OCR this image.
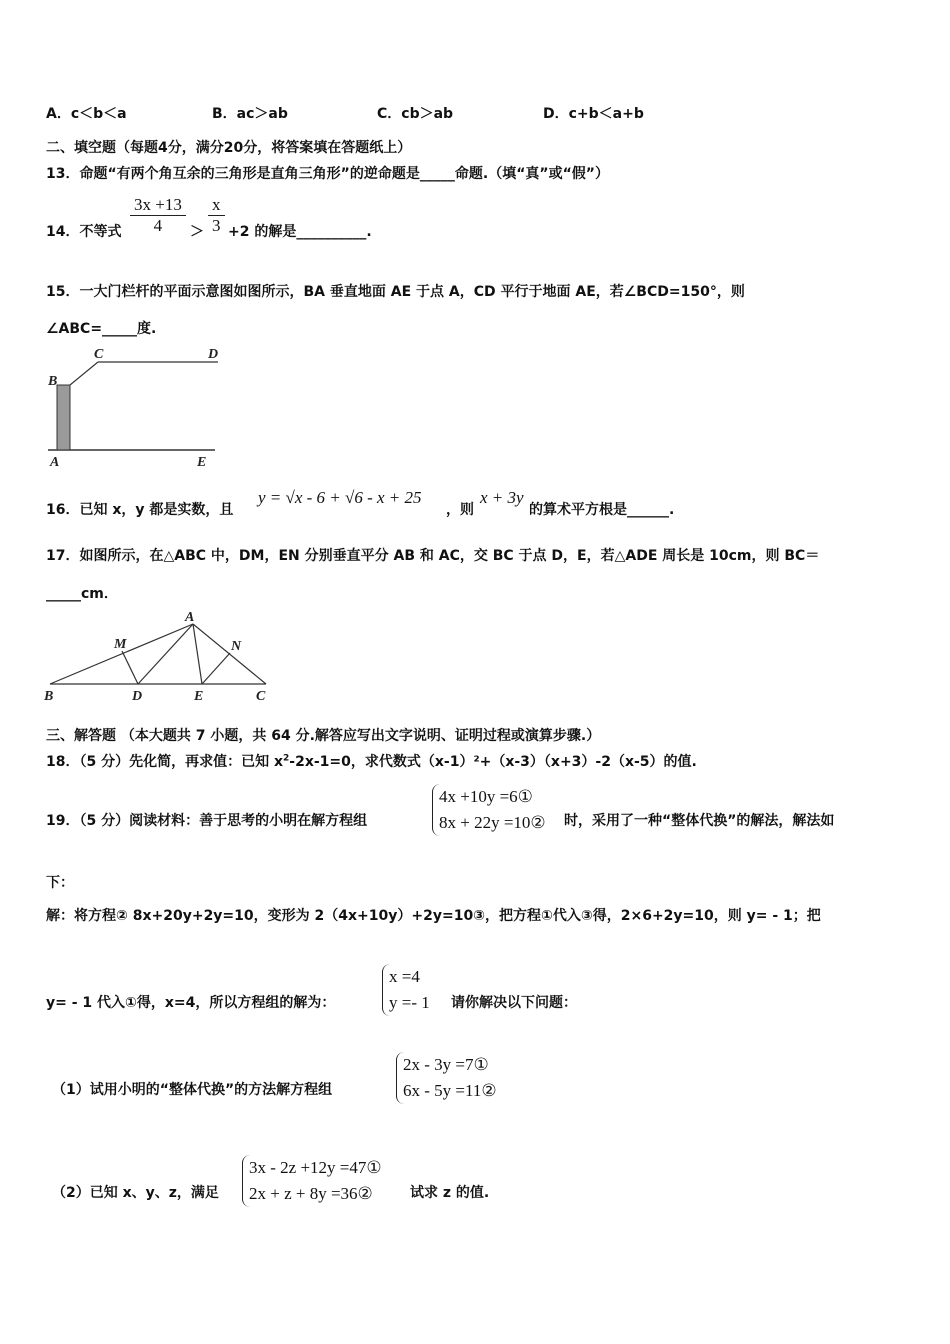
A．c＜b＜a	B．ac＞ab	C．cb＞ab	D．c+b＜a+b
二、填空题（每题4分，满分20分，将答案填在答题纸上）
13．命题“有两个角互余的三角形是直角三角形”的逆命题是_____命题.（填“真”或“假”）
14．不等式 $\frac{3x +13}{4} > \frac{x}{3} +2$ 的解是__________.
15．一大门栏杆的平面示意图如图所示，BA 垂直地面 AE 于点 A，CD 平行于地面 AE，若∠BCD=150°，则
∠ABC=_____度.
B
C	D
A	E
16．已知 x，y 都是实数，且
y = √x - 6 + √6 - x + 25
，则
x + 3y
的算术平方根是______.
17．如图所示，在△ABC 中，DM，EN 分别垂直平分 AB 和 AC，交 BC 于点 D，E，若△ADE 周长是 10cm，则 BC＝
_____cm．
A
M	N
B	D	E	C
三、解答题 （本大题共 7 小题，共 64 分.解答应写出文字说明、证明过程或演算步骤.）
18．（5 分）先化简，再求值：已知 $x^2-2x-1=0$，求代数式（x-1）²+（x-3）（x+3）-2（x-5）的值.
19．（5 分）阅读材料：善于思考的小明在解方程组
4x +10y =6①
8x + 22y =10② 时，采用了一种“整体代换”的解法，解法如
下：
解：将方程② 8x+20y+2y=10，变形为 2（4x+10y）+2y=10③，把方程①代入③得，2×6+2y=10，则 y= - 1；把
y= - 1 代入①得，x=4，所以方程组的解为：
x =4
y =- 1 请你解决以下问题：
（1）试用小明的“整体代换”的方法解方程组
2x - 3y =7①
6x - 5y =11②
（2）已知 x、y、z，满足
3x - 2z +12y =47①
2x + z + 8y =36②	试求 z 的值.
